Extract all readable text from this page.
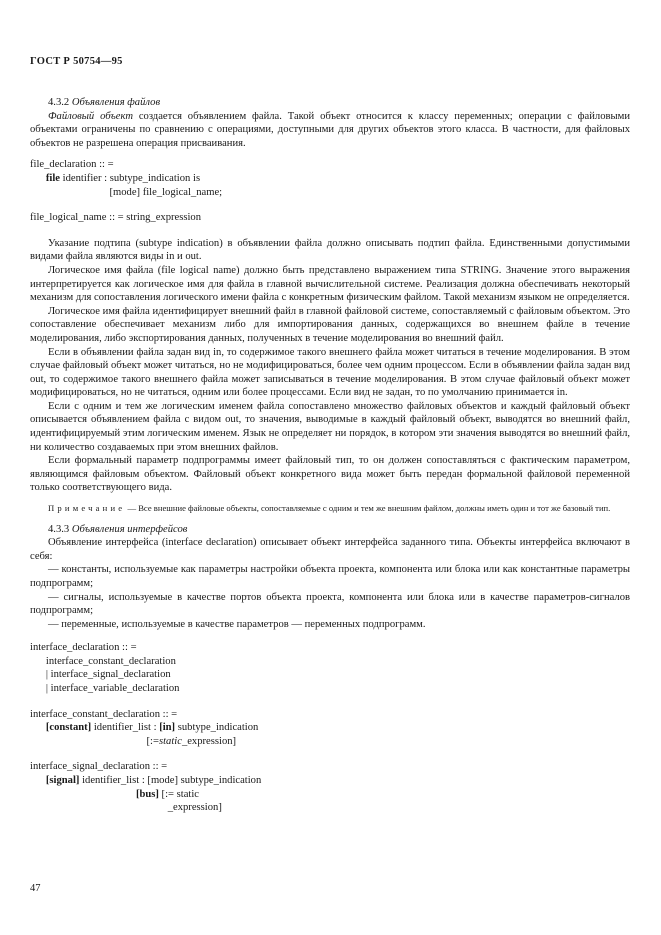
ГОСТ Р 50754—95

4.3.2 Объявления файлов

Файловый объект создается объявлением файла. Такой объект относится к классу переменных; операции с файловыми объектами ограничены по сравнению с операциями, доступными для других объектов этого класса. В частности, для файловых объектов не разрешена операция присваивания.

file_declaration :: =
file identifier : subtype_indication is
[mode] file_logical_name;
file_logical_name :: = string_expression

Указание подтипа (subtype indication) в объявлении файла должно описывать подтип файла. Единственными допустимыми видами файла являются виды in и out.

Логическое имя файла (file logical name) должно быть представлено выражением типа STRING. Значение этого выражения интерпретируется как логическое имя для файла в главной вычислительной системе. Реализация должна обеспечивать некоторый механизм для сопоставления логического имени файла с конкретным физическим файлом. Такой механизм языком не определяется.

Логическое имя файла идентифицирует внешний файл в главной файловой системе, сопоставляемый с файловым объектом. Это сопоставление обеспечивает механизм либо для импортирования данных, содержащихся во внешнем файле в течение моделирования, либо экспортирования данных, полученных в течение моделирования во внешний файл.

Если в объявлении файла задан вид in, то содержимое такого внешнего файла может читаться в течение моделирования. В этом случае файловый объект может читаться, но не модифицироваться, более чем одним процессом. Если в объявлении файла задан вид out, то содержимое такого внешнего файла может записываться в течение моделирования. В этом случае файловый объект может модифицироваться, но не читаться, одним или более процессами. Если вид не задан, то по умолчанию принимается in.

Если с одним и тем же логическим именем файла сопоставлено множество файловых объектов и каждый файловый объект описывается объявлением файла с видом out, то значения, выводимые в каждый файловый объект, выводятся во внешний файл, идентифицируемый этим логическим именем. Язык не определяет ни порядок, в котором эти значения выводятся во внешний файл, ни количество создаваемых при этом внешних файлов.

Если формальный параметр подпрограммы имеет файловый тип, то он должен сопоставляться с фактическим параметром, являющимся файловым объектом. Файловый объект конкретного вида может быть передан формальной файловой переменной только соответствующего вида.

Примечание — Все внешние файловые объекты, сопоставляемые с одним и тем же внешним файлом, должны иметь один и тот же базовый тип.

4.3.3 Объявления интерфейсов

Объявление интерфейса (interface declaration) описывает объект интерфейса заданного типа. Объекты интерфейса включают в себя:

— константы, используемые как параметры настройки объекта проекта, компонента или блока или как константные параметры подпрограмм;

— сигналы, используемые в качестве портов объекта проекта, компонента или блока или в качестве параметров-сигналов подпрограмм;

— переменные, используемые в качестве параметров — переменных подпрограмм.

interface_declaration :: =
interface_constant_declaration
| interface_signal_declaration
| interface_variable_declaration
interface_constant_declaration :: =
[constant] identifier_list : [in] subtype_indication
[:=static_expression]
interface_signal_declaration :: =
[signal] identifier_list : [mode] subtype_indication
[bus] [:= static
_expression]
47
